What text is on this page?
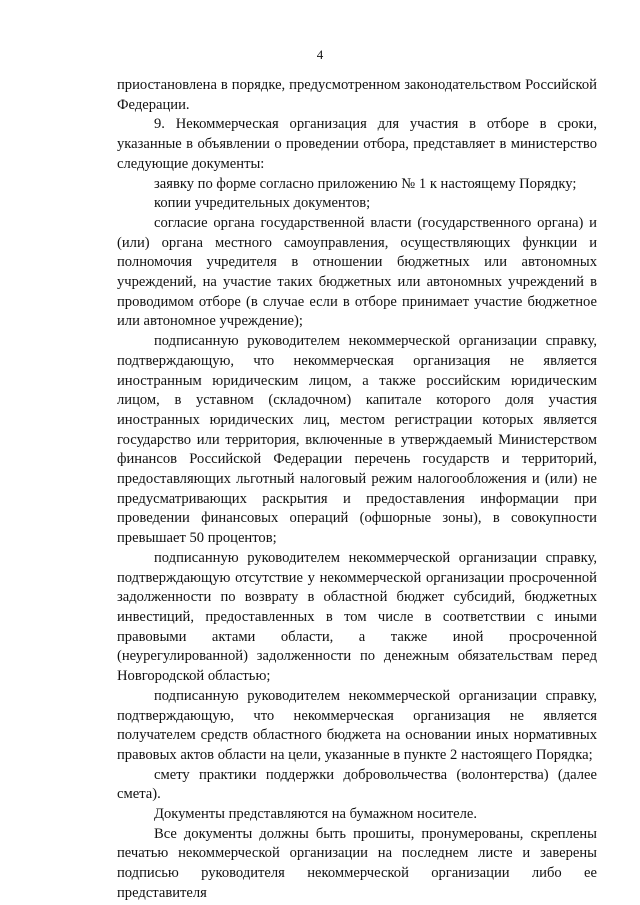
4

приостановлена в порядке, предусмотренном законодательством Российской Федерации.

9. Некоммерческая организация для участия в отборе в сроки, указанные в объявлении о проведении отбора, представляет в министерство следующие документы:

заявку по форме согласно приложению № 1 к настоящему Порядку;

копии учредительных документов;

согласие органа государственной власти (государственного органа) и (или) органа местного самоуправления, осуществляющих функции и полномочия учредителя в отношении бюджетных или автономных учреждений, на участие таких бюджетных или автономных учреждений в проводимом отборе (в случае если в отборе принимает участие бюджетное или автономное учреждение);

подписанную руководителем некоммерческой организации справку, подтверждающую, что некоммерческая организация не является иностранным юридическим лицом, а также российским юридическим лицом, в уставном (складочном) капитале которого доля участия иностранных юридических лиц, местом регистрации которых является государство или территория, включенные в утверждаемый Министерством финансов Российской Федерации перечень государств и территорий, предоставляющих льготный налоговый режим налогообложения и (или) не предусматривающих раскрытия и предоставления информации при проведении финансовых операций (офшорные зоны), в совокупности превышает 50 процентов;

подписанную руководителем некоммерческой организации справку, подтверждающую отсутствие у некоммерческой организации просроченной задолженности по возврату в областной бюджет субсидий, бюджетных инвестиций, предоставленных в том числе в соответствии с иными правовыми актами области, а также иной просроченной (неурегулированной) задолженности по денежным обязательствам перед Новгородской областью;

подписанную руководителем некоммерческой организации справку, подтверждающую, что некоммерческая организация не является получателем средств областного бюджета на основании иных нормативных правовых актов области на цели, указанные в пункте 2 настоящего Порядка;

смету практики поддержки добровольчества (волонтерства) (далее смета).

Документы представляются на бумажном носителе.

Все документы должны быть прошиты, пронумерованы, скреплены печатью некоммерческой организации на последнем листе и заверены подписью руководителя некоммерческой организации либо ее представителя
